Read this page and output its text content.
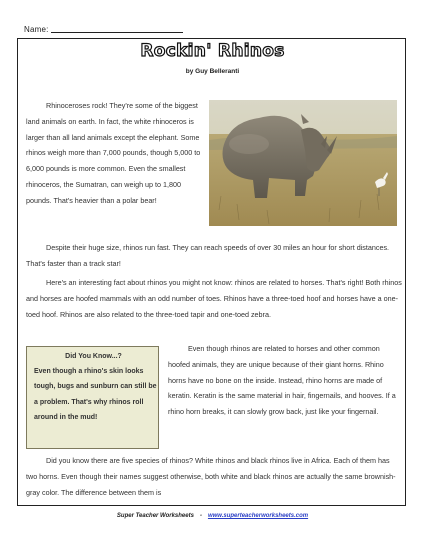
Name:
Rockin' Rhinos
by Guy Belleranti
Rhinoceroses rock! They're some of the biggest land animals on earth. In fact, the white rhinoceros is larger than all land animals except the elephant. Some rhinos weigh more than 7,000 pounds, though 5,000 to 6,000 pounds is more common. Even the smallest rhinoceros, the Sumatran, can weigh up to 1,800 pounds. That's heavier than a polar bear!
Despite their huge size, rhinos run fast. They can reach speeds of over 30 miles an hour for short distances. That's faster than a track star!
Here's an interesting fact about rhinos you might not know: rhinos are related to horses. That's right! Both rhinos and horses are hoofed mammals with an odd number of toes. Rhinos have a three-toed hoof and horses have a one-toed hoof. Rhinos are also related to the three-toed tapir and one-toed zebra.
Did You Know...?
Even though a rhino's skin looks tough, bugs and sunburn can still be a problem. That's why rhinos roll around in the mud!
Even though rhinos are related to horses and other common hoofed animals, they are unique because of their giant horns. Rhino horns have no bone on the inside. Instead, rhino horns are made of keratin. Keratin is the same material in hair, fingernails, and hooves. If a rhino horn breaks, it can slowly grow back, just like your fingernail.
Did you know there are five species of rhinos? White rhinos and black rhinos live in Africa. Each of them has two horns. Even though their names suggest otherwise, both white and black rhinos are actually the same brownish-gray color. The difference between them is
Super Teacher Worksheets - www.superteacherworksheets.com
